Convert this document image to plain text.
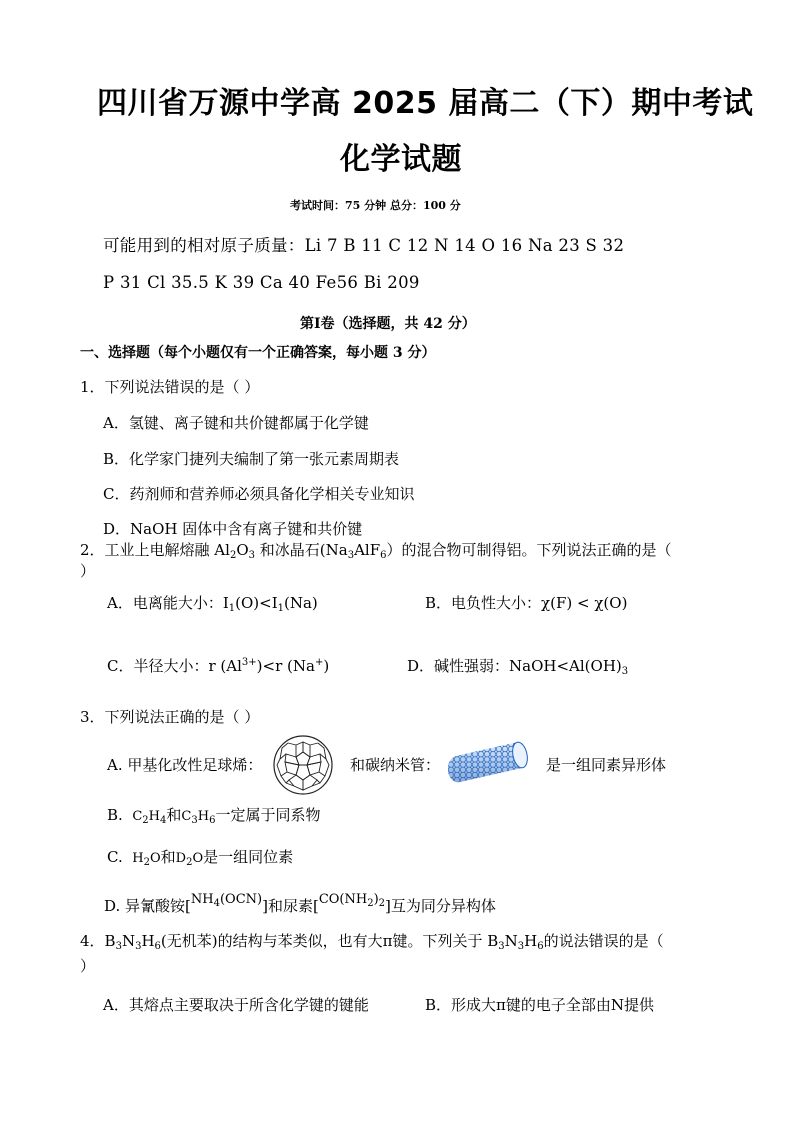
四川省万源中学高 2025 届高二（下）期中考试
化学试题
考试时间：75 分钟 总分：100 分
可能用到的相对原子质量：Li 7 B 11 C 12 N 14 O 16 Na 23 S 32
P 31 Cl 35.5 K 39 Ca 40 Fe56 Bi 209
第Ⅰ卷（选择题，共 42 分）
一、选择题（每个小题仅有一个正确答案，每小题 3 分）
1．下列说法错误的是（ ）
A．氢键、离子键和共价键都属于化学键
B．化学家门捷列夫编制了第一张元素周期表
C．药剂师和营养师必须具备化学相关专业知识
D．NaOH 固体中含有离子键和共价键
2．工业上电解熔融 $Al_2O_3$ 和冰晶石$(Na_3AlF_6)$的混合物可制得铝。下列说法正确的是（
）
A．电离能大小：$I_1(O)<I_1(Na)$	B．电负性大小：χ(F) < χ(O)
C．半径大小：r $(Al^{3+})<r$ (Na+)	D．碱性强弱：$NaOH<Al(OH)_3$
3．下列说法正确的是（ ）
A. 甲基化改性足球烯：	和碳纳米管：	是一组同素异形体
B. $C_2H_4$和$C_3H_6$一定属于同系物
C. $H_2O$和$D_2O$是一组同位素
D. 异氰酸铵$[NH_4(OCN)]$和尿素$[CO(NH_2)_2]$互为同分异构体
4．$B_3N_3H_6$(无机苯)的结构与苯类似，也有大π键。下列关于 $B_3N_3H_6$的说法错误的是（
）
A．其熔点主要取决于所含化学键的键能	B．形成大π键的电子全部由N提供
